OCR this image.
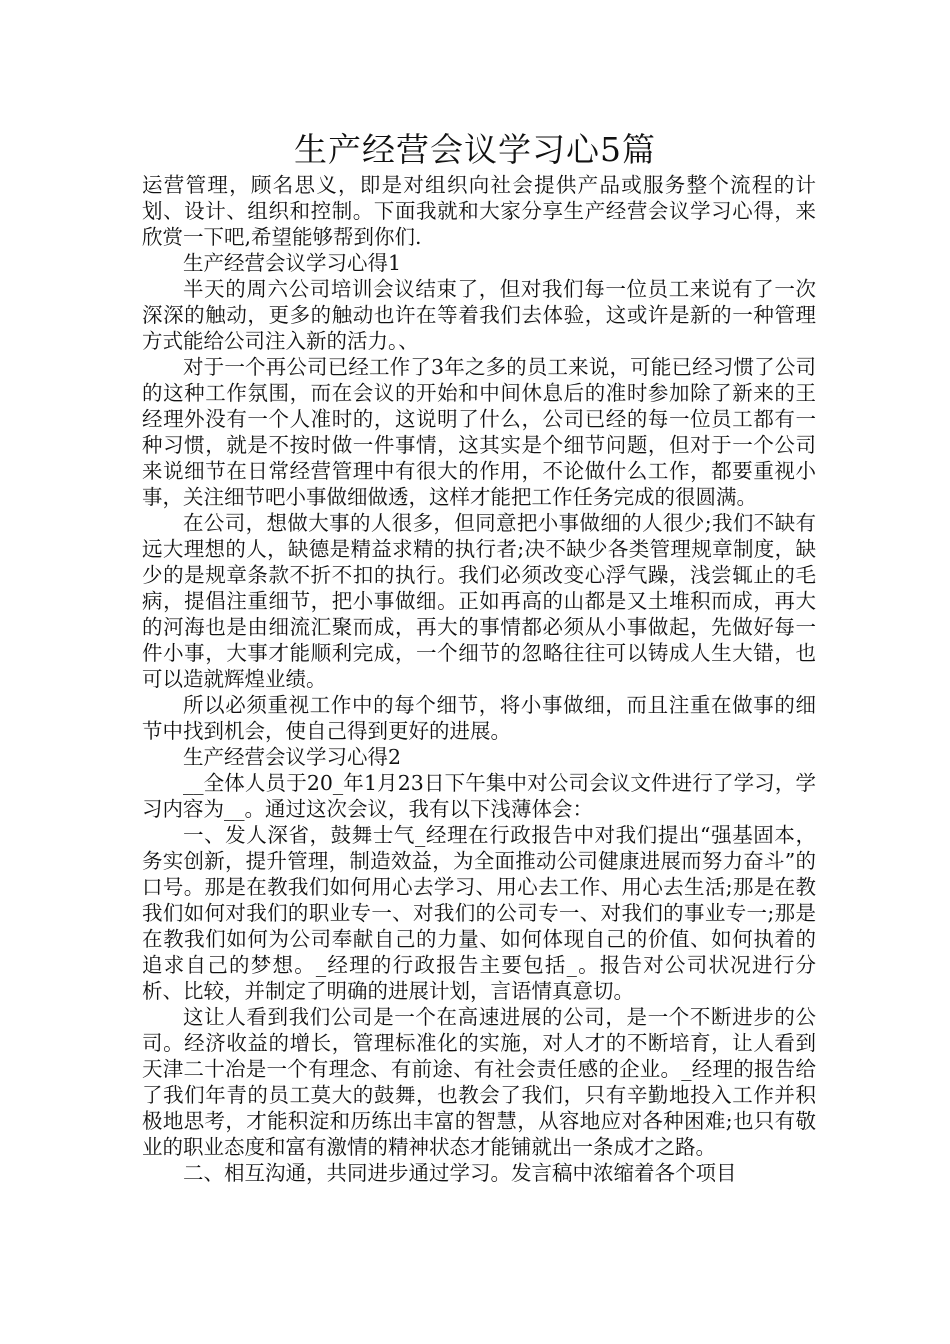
生产经营会议学习心5篇

运营管理，顾名思义，即是对组织向社会提供产品或服务整个流程的计划、设计、组织和控制。下面我就和大家分享生产经营会议学习心得，来欣赏一下吧,希望能够帮到你们.

生产经营会议学习心得1

半天的周六公司培训会议结束了，但对我们每一位员工来说有了一次深深的触动，更多的触动也许在等着我们去体验，这或许是新的一种管理方式能给公司注入新的活力。、

对于一个再公司已经工作了3年之多的员工来说，可能已经习惯了公司的这种工作氛围，而在会议的开始和中间休息后的准时参加除了新来的王经理外没有一个人准时的，这说明了什么，公司已经的每一位员工都有一种习惯，就是不按时做一件事情，这其实是个细节问题，但对于一个公司来说细节在日常经营管理中有很大的作用，不论做什么工作，都要重视小事，关注细节吧小事做细做透，这样才能把工作任务完成的很圆满。

在公司，想做大事的人很多，但同意把小事做细的人很少;我们不缺有远大理想的人，缺德是精益求精的执行者;决不缺少各类管理规章制度，缺少的是规章条款不折不扣的执行。我们必须改变心浮气躁，浅尝辄止的毛病，提倡注重细节，把小事做细。正如再高的山都是又土堆积而成，再大的河海也是由细流汇聚而成，再大的事情都必须从小事做起，先做好每一件小事，大事才能顺利完成，一个细节的忽略往往可以铸成人生大错，也可以造就辉煌业绩。

所以必须重视工作中的每个细节，将小事做细，而且注重在做事的细节中找到机会，使自己得到更好的进展。

生产经营会议学习心得2

__全体人员于20_年1月23日下午集中对公司会议文件进行了学习，学习内容为__。通过这次会议，我有以下浅薄体会：

一、发人深省，鼓舞士气_经理在行政报告中对我们提出“强基固本，务实创新，提升管理，制造效益，为全面推动公司健康进展而努力奋斗”的口号。那是在教我们如何用心去学习、用心去工作、用心去生活;那是在教我们如何对我们的职业专一、对我们的公司专一、对我们的事业专一;那是在教我们如何为公司奉献自己的力量、如何体现自己的价值、如何执着的追求自己的梦想。_经理的行政报告主要包括_。报告对公司状况进行分析、比较，并制定了明确的进展计划，言语情真意切。

这让人看到我们公司是一个在高速进展的公司，是一个不断进步的公司。经济收益的增长，管理标准化的实施，对人才的不断培育，让人看到天津二十冶是一个有理念、有前途、有社会责任感的企业。_经理的报告给了我们年青的员工莫大的鼓舞，也教会了我们，只有辛勤地投入工作并积极地思考，才能积淀和历练出丰富的智慧，从容地应对各种困难;也只有敬业的职业态度和富有激情的精神状态才能铺就出一条成才之路。

二、相互沟通，共同进步通过学习。发言稿中浓缩着各个项目
